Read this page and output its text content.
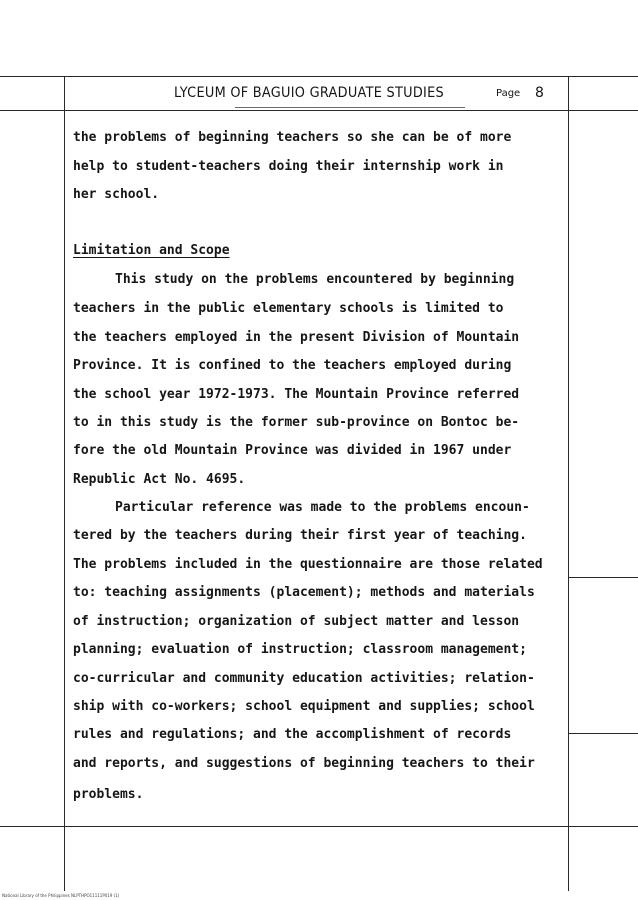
LYCEUM OF BAGUIO GRADUATE STUDIES	Page 8
the problems of beginning teachers so she can be of more
help to student-teachers doing their internship work in
her school.
Limitation and Scope
This study on the problems encountered by beginning
teachers in the public elementary schools is limited to
the teachers employed in the present Division of Mountain
Province. It is confined to the teachers employed during
the school year 1972-1973. The Mountain Province referred
to in this study is the former sub-province on Bontoc be-
fore the old Mountain Province was divided in 1967 under
Republic Act No. 4695.
Particular reference was made to the problems encoun-
tered by the teachers during their first year of teaching.
The problems included in the questionnaire are those related
to: teaching assignments (placement); methods and materials
of instruction; organization of subject matter and lesson
planning; evaluation of instruction; classroom management;
co-curricular and community education activities; relation-
ship with co-workers; school equipment and supplies; school
rules and regulations; and the accomplishment of records
and reports, and suggestions of beginning teachers to their
problems.
National Library of the Philippines NLPTHPO11111P019 (1)
